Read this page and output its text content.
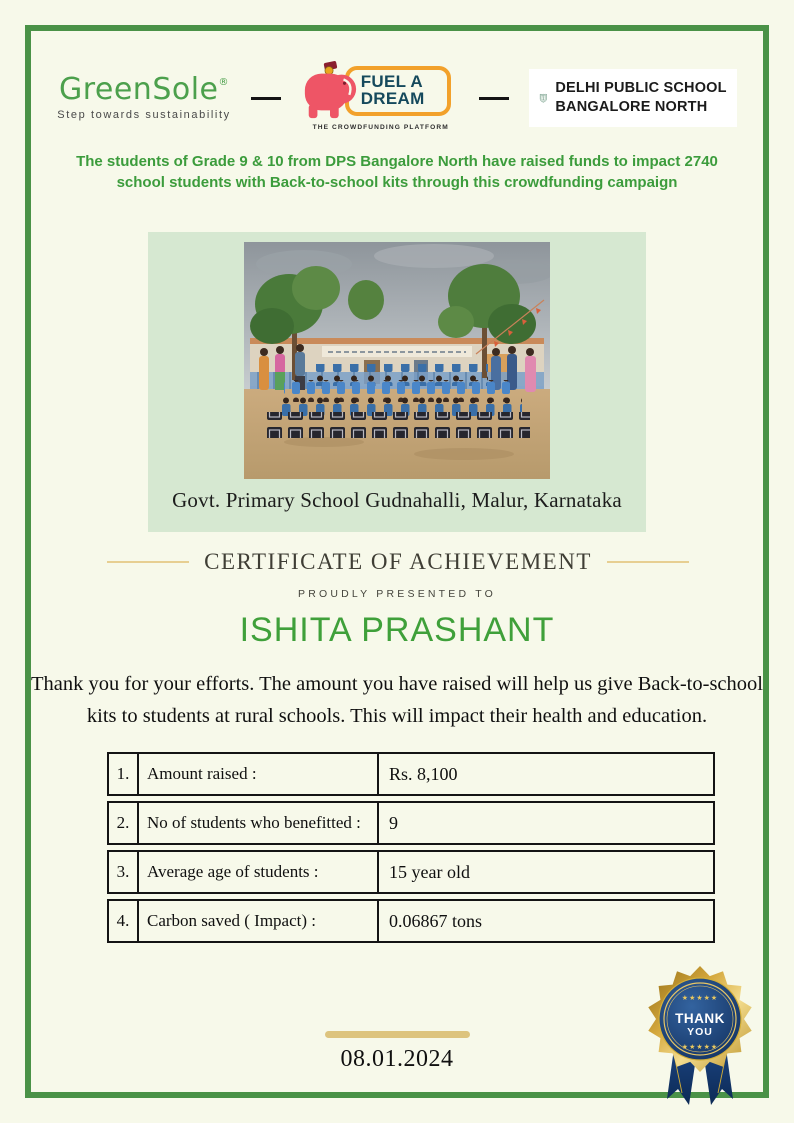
GreenSole®
Step towards sustainability
FUEL A
DREAM
THE CROWDFUNDING PLATFORM
DELHI PUBLIC SCHOOL
BANGALORE NORTH
The students of Grade 9 & 10 from DPS Bangalore North have raised funds to impact 2740 school students with Back-to-school kits through this crowdfunding campaign
Govt. Primary School Gudnahalli, Malur, Karnataka
CERTIFICATE OF ACHIEVEMENT
PROUDLY PRESENTED TO
ISHITA PRASHANT
Thank you for your efforts. The amount you have raised will help us give Back-to-school kits to students at rural schools. This will impact their health and education.
1.	Amount raised :	Rs. 8,100
2.	No of students who benefitted :	9
3.	Average age of students :	15 year old
4.	Carbon saved ( Impact) :	0.06867 tons
★★★★★
THANK
YOU
★★★★★
08.01.2024
